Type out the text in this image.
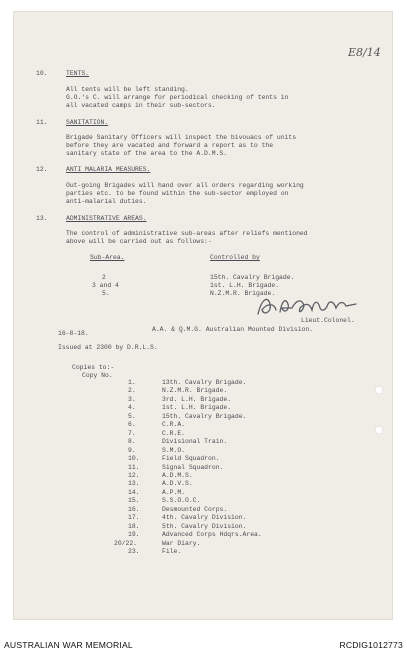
E8/14
10.	TENTS.
All tents will be left standing.
G.O.'s C. will arrange for periodical checking of tents in
all vacated camps in their sub-sectors.
11.	SANITATION.
Brigade Sanitary Officers will inspect the bivouacs of units
before they are vacated and forward a report as to the
sanitary state of the area to the A.D.M.S.
12.	ANTI MALARIA MEASURES.
Out-going Brigades will hand over all orders regarding working
parties etc. to be found within the sub-sector employed on
anti-malarial duties.
13.	ADMINISTRATIVE AREAS.
The control of administrative sub-areas after reliefs mentioned
above will be carried out as follows:-
Sub-Area.	Controlled by
2	15th. Cavalry Brigade.
3 and 4	1st. L.H. Brigade.
5.	N.Z.M.R. Brigade.
Lieut.Colonel.
A.A. & Q.M.G. Australian Mounted Division.
16-8-18.
Issued at 2300 by D.R.L.S.
Copies to:-
Copy No.
1.	13th. Cavalry Brigade.
2.	N.Z.M.R. Brigade.
3.	3rd. L.H. Brigade.
4.	1st. L.H. Brigade.
5.	15th. Cavalry Brigade.
6.	C.R.A.
7.	C.R.E.
8.	Divisional Train.
9.	S.M.O.
10.	Field Squadron.
11.	Signal Squadron.
12.	A.D.M.S.
13.	A.D.V.S.
14.	A.P.M.
15.	S.S.O.O.C.
16.	Desmounted Corps.
17.	4th. Cavalry Division.
18.	5th. Cavalry Division.
19.	Advanced Corps Hdqrs.Area.
20/22.	War Diary.
23.	File.
AUSTRALIAN WAR MEMORIAL	RCDIG1012773
